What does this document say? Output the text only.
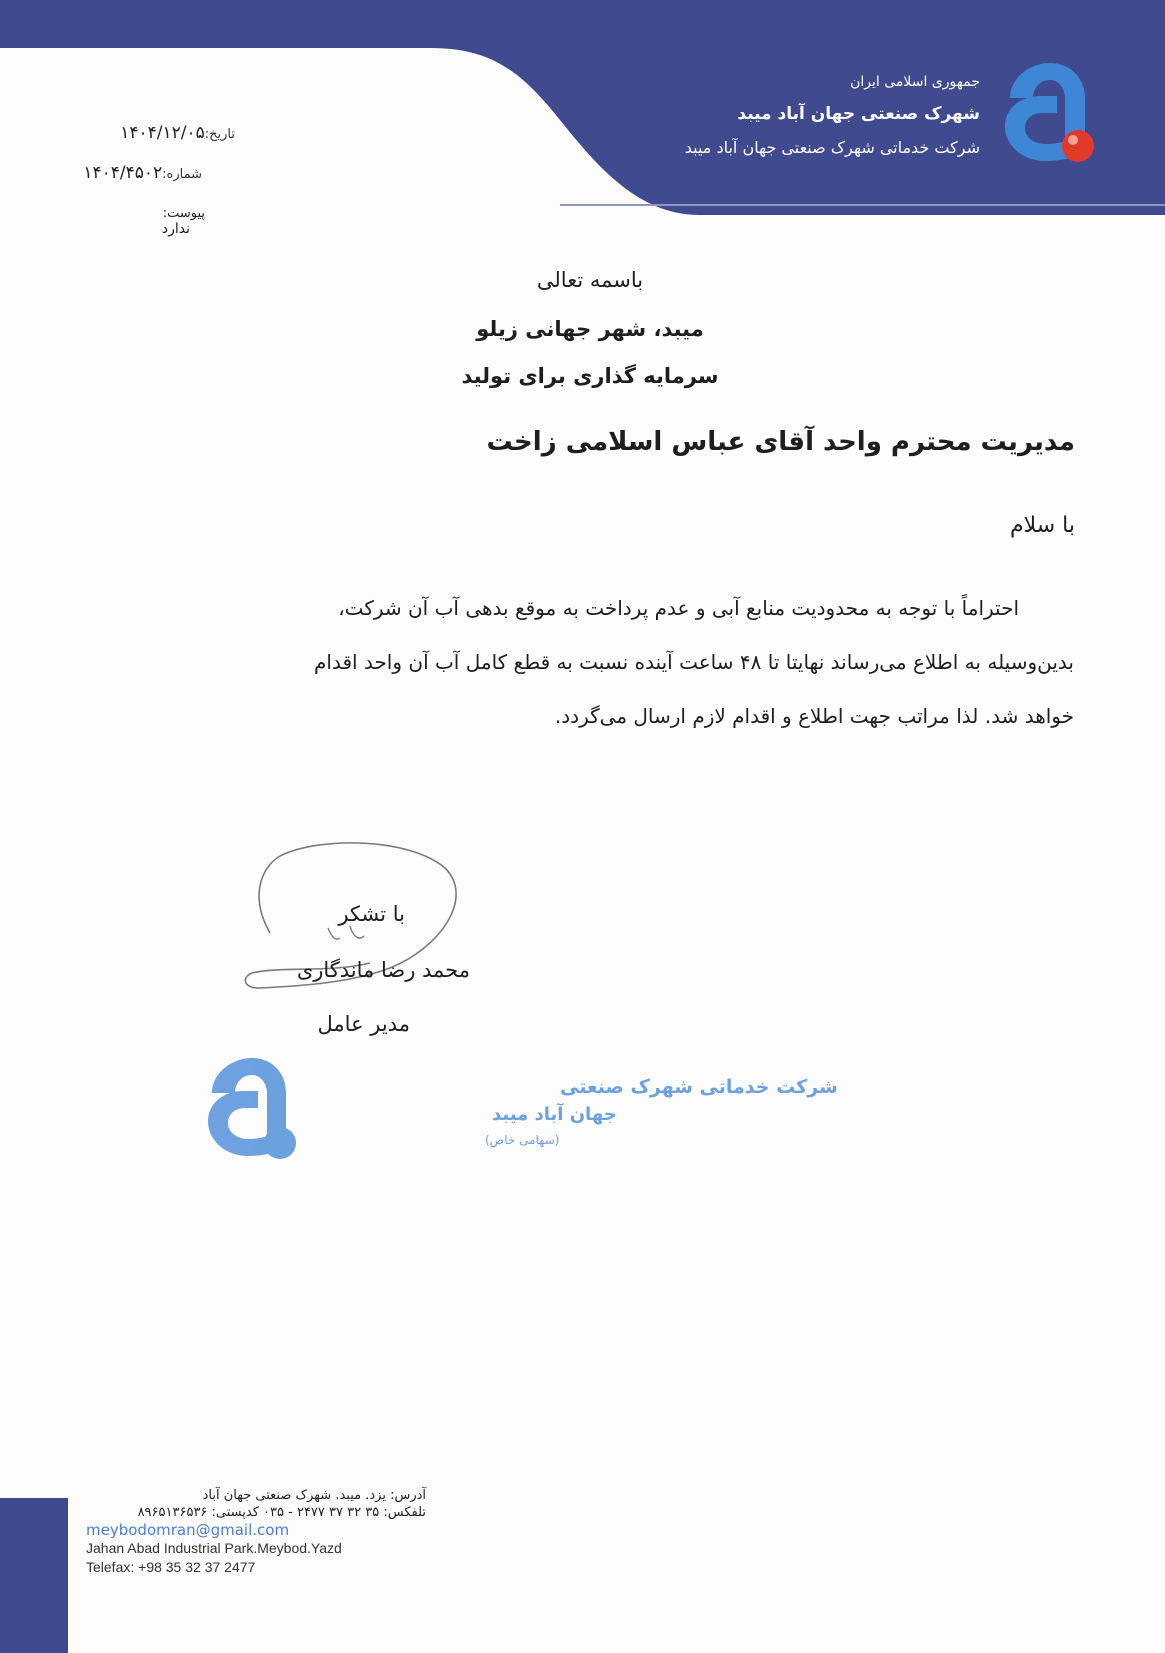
جمهوری اسلامی ایران
شهرک صنعتی جهان آباد میبد
شرکت خدماتی شهرک صنعتی جهان آباد میبد
تاریخ:۱۴۰۴/۱۲/۰۵
شماره:۱۴۰۴/۴۵۰۲
پیوست:
ندارد
باسمه تعالی
میبد، شهر جهانی زیلو
سرمایه گذاری برای تولید
مدیریت محترم واحد آقای عباس اسلامی زاخت
با سلام
احتراماً با توجه به محدودیت منابع آبی و عدم پرداخت به موقع بدهی آب آن شرکت،
بدین‌وسیله به اطلاع می‌رساند نهایتا تا ۴۸ ساعت آینده نسبت به قطع کامل آب آن واحد اقدام
خواهد شد. لذا مراتب جهت اطلاع و اقدام لازم ارسال می‌گردد.
با تشکر
محمد رضا ماندگاری
مدیر عامل
شرکت خدماتی شهرک صنعتی
جهان آباد میبد
(سهامی خاص)
آدرس: یزد. میبد. شهرک صنعتی جهان آباد
تلفکس: ۳۵ ۳۲ ۳۷ ۲۴۷۷ - ۰۳۵ کدپستی: ۸۹۶۵۱۳۶۵۳۶
meybodomran@gmail.com
Jahan Abad Industrial Park.Meybod.Yazd
Telefax: +98 35 32 37 2477
